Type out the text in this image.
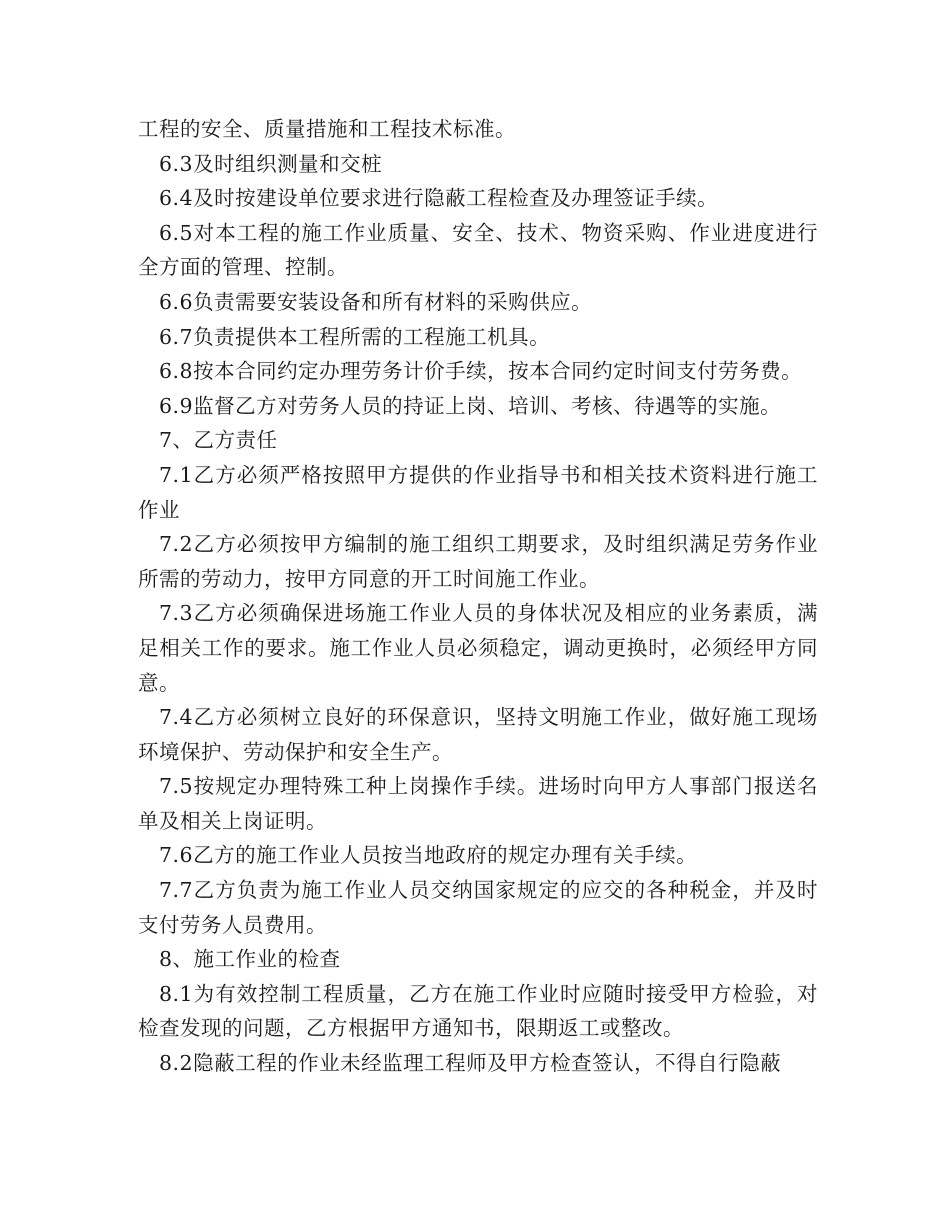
工程的安全、质量措施和工程技术标准。

6.3及时组织测量和交桩

6.4及时按建设单位要求进行隐蔽工程检查及办理签证手续。

6.5对本工程的施工作业质量、安全、技术、物资采购、作业进度进行全方面的管理、控制。

6.6负责需要安装设备和所有材料的采购供应。

6.7负责提供本工程所需的工程施工机具。

6.8按本合同约定办理劳务计价手续，按本合同约定时间支付劳务费。

6.9监督乙方对劳务人员的持证上岗、培训、考核、待遇等的实施。

7、乙方责任

7.1乙方必须严格按照甲方提供的作业指导书和相关技术资料进行施工作业

7.2乙方必须按甲方编制的施工组织工期要求，及时组织满足劳务作业所需的劳动力，按甲方同意的开工时间施工作业。

7.3乙方必须确保进场施工作业人员的身体状况及相应的业务素质，满足相关工作的要求。施工作业人员必须稳定，调动更换时，必须经甲方同意。

7.4乙方必须树立良好的环保意识，坚持文明施工作业，做好施工现场环境保护、劳动保护和安全生产。

7.5按规定办理特殊工种上岗操作手续。进场时向甲方人事部门报送名单及相关上岗证明。

7.6乙方的施工作业人员按当地政府的规定办理有关手续。

7.7乙方负责为施工作业人员交纳国家规定的应交的各种税金，并及时支付劳务人员费用。

8、施工作业的检查

8.1为有效控制工程质量，乙方在施工作业时应随时接受甲方检验，对检查发现的问题，乙方根据甲方通知书，限期返工或整改。

8.2隐蔽工程的作业未经监理工程师及甲方检查签认，不得自行隐蔽
